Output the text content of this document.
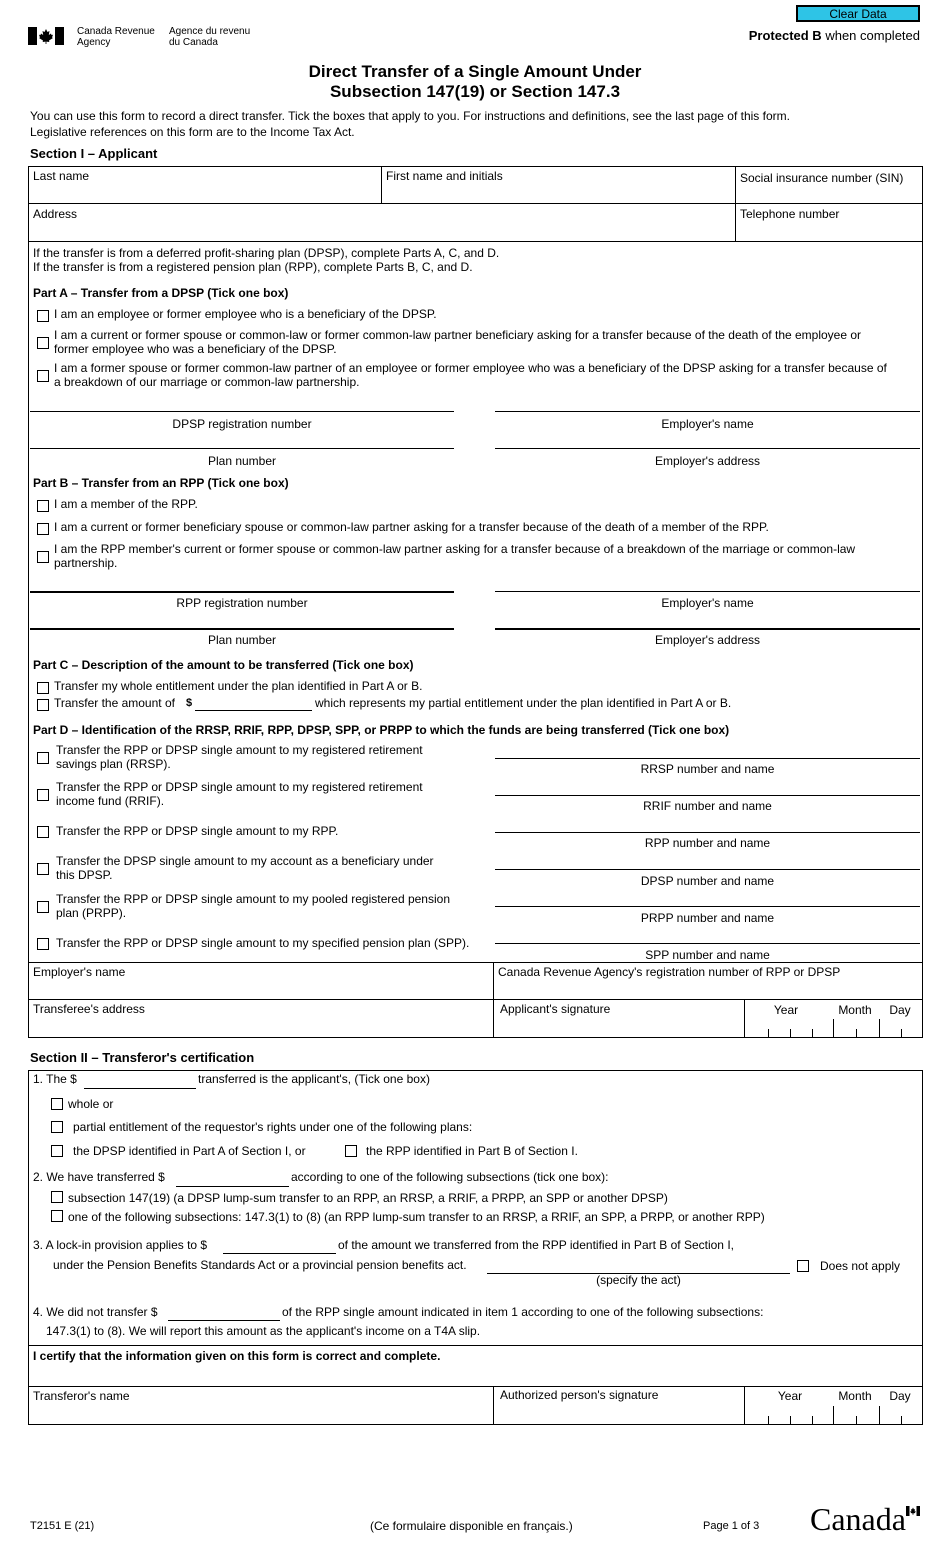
Canada Revenue
Agency
Agence du revenu
du Canada
Clear Data
Protected B when completed
Direct Transfer of a Single Amount Under
Subsection 147(19) or Section 147.3
You can use this form to record a direct transfer. Tick the boxes that apply to you. For instructions and definitions, see the last page of this form.
Legislative references on this form are to the Income Tax Act.
Section I – Applicant
Last name	First name and initials	Social insurance number (SIN)
Address	Telephone number
If the transfer is from a deferred profit-sharing plan (DPSP), complete Parts A, C, and D.
If the transfer is from a registered pension plan (RPP), complete Parts B, C, and D.
Part A – Transfer from a DPSP (Tick one box)
I am an employee or former employee who is a beneficiary of the DPSP.
I am a current or former spouse or common-law or former common-law partner beneficiary asking for a transfer because of the death of the employee or
former employee who was a beneficiary of the DPSP.
I am a former spouse or former common-law partner of an employee or former employee who was a beneficiary of the DPSP asking for a transfer because of
a breakdown of our marriage or common-law partnership.
DPSP registration number	Employer's name
Plan number	Employer's address
Part B – Transfer from an RPP (Tick one box)
I am a member of the RPP.
I am a current or former beneficiary spouse or common-law partner asking for a transfer because of the death of a member of the RPP.
I am the RPP member's current or former spouse or common-law partner asking for a transfer because of a breakdown of the marriage or common-law
partnership.
RPP registration number	Employer's name
Plan number	Employer's address
Part C – Description of the amount to be transferred (Tick one box)
Transfer my whole entitlement under the plan identified in Part A or B.
Transfer the amount of $	which represents my partial entitlement under the plan identified in Part A or B.
Part D – Identification of the RRSP, RRIF, RPP, DPSP, SPP, or PRPP to which the funds are being transferred (Tick one box)
Transfer the RPP or DPSP single amount to my registered retirement
savings plan (RRSP).	RRSP number and name
Transfer the RPP or DPSP single amount to my registered retirement
income fund (RRIF).	RRIF number and name
Transfer the RPP or DPSP single amount to my RPP.
RPP number and name
Transfer the DPSP single amount to my account as a beneficiary under
this DPSP.	DPSP number and name
Transfer the RPP or DPSP single amount to my pooled registered pension
plan (PRPP).	PRPP number and name
Transfer the RPP or DPSP single amount to my specified pension plan (SPP).
SPP number and name
Employer's name	Canada Revenue Agency's registration number of RPP or DPSP
Transferee's address	Applicant's signature	Year	Month	Day
Section II – Transferor's certification
1. The $	transferred is the applicant's, (Tick one box)
whole or
partial entitlement of the requestor's rights under one of the following plans:
the DPSP identified in Part A of Section I, or	the RPP identified in Part B of Section I.
2. We have transferred $	according to one of the following subsections (tick one box):
subsection 147(19) (a DPSP lump-sum transfer to an RPP, an RRSP, a RRIF, a PRPP, an SPP or another DPSP)
one of the following subsections: 147.3(1) to (8) (an RPP lump-sum transfer to an RRSP, a RRIF, an SPP, a PRPP, or another RPP)
3. A lock-in provision applies to $	of the amount we transferred from the RPP identified in Part B of Section I,
under the Pension Benefits Standards Act or a provincial pension benefits act.
(specify the act)
Does not apply
4. We did not transfer $	of the RPP single amount indicated in item 1 according to one of the following subsections:
147.3(1) to (8). We will report this amount as the applicant's income on a T4A slip.
I certify that the information given on this form is correct and complete.
Transferor's name	Authorized person's signature	Year	Month	Day
T2151 E (21)	(Ce formulaire disponible en français.)	Page 1 of 3 Canada
